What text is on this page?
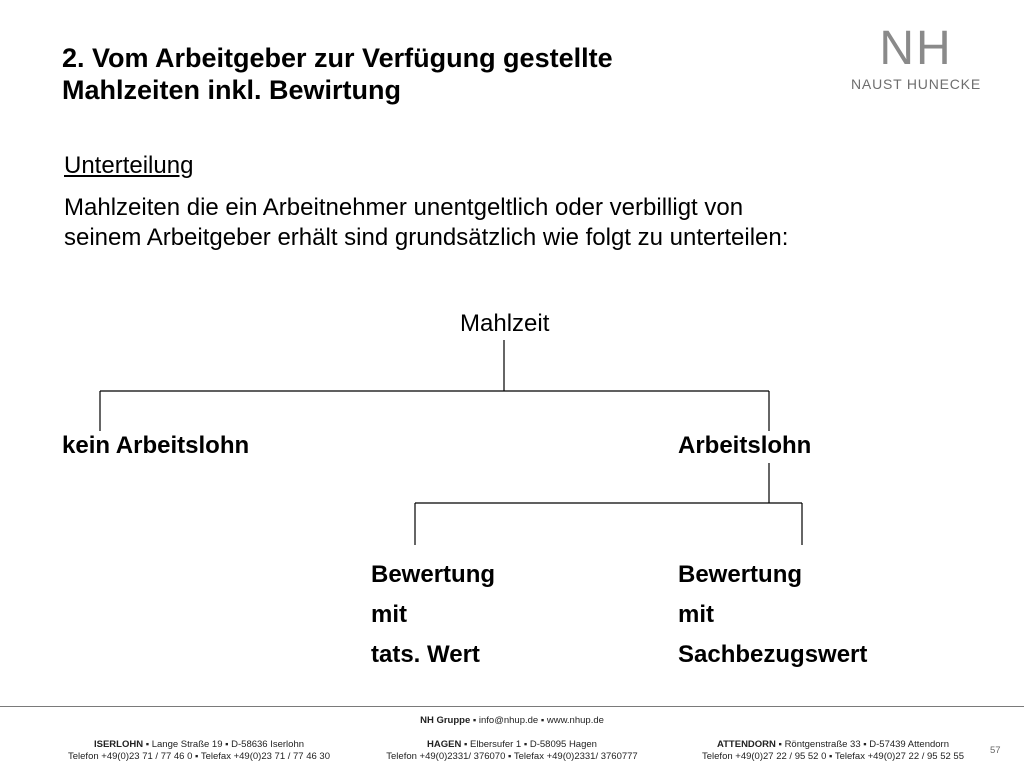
2. Vom Arbeitgeber zur Verfügung gestellte
Mahlzeiten inkl. Bewirtung
NH
NAUST HUNECKE
Unterteilung
Mahlzeiten die ein Arbeitnehmer unentgeltlich oder verbilligt von
seinem Arbeitgeber erhält sind grundsätzlich wie folgt zu unterteilen:
Mahlzeit
kein Arbeitslohn	Arbeitslohn
Bewertung
mit
tats. Wert
Bewertung
mit
Sachbezugswert
NH Gruppe ▪ info@nhup.de ▪ www.nhup.de
ISERLOHN ▪ Lange Straße 19 ▪ D-58636 Iserlohn
Telefon +49(0)23 71 / 77 46 0 ▪ Telefax +49(0)23 71 / 77 46 30
HAGEN ▪ Elbersufer 1 ▪ D-58095 Hagen
Telefon +49(0)2331/ 376070 ▪ Telefax +49(0)2331/ 3760777
ATTENDORN ▪ Röntgenstraße 33 ▪ D-57439 Attendorn
Telefon +49(0)27 22 / 95 52 0 ▪ Telefax +49(0)27 22 / 95 52 55
57
